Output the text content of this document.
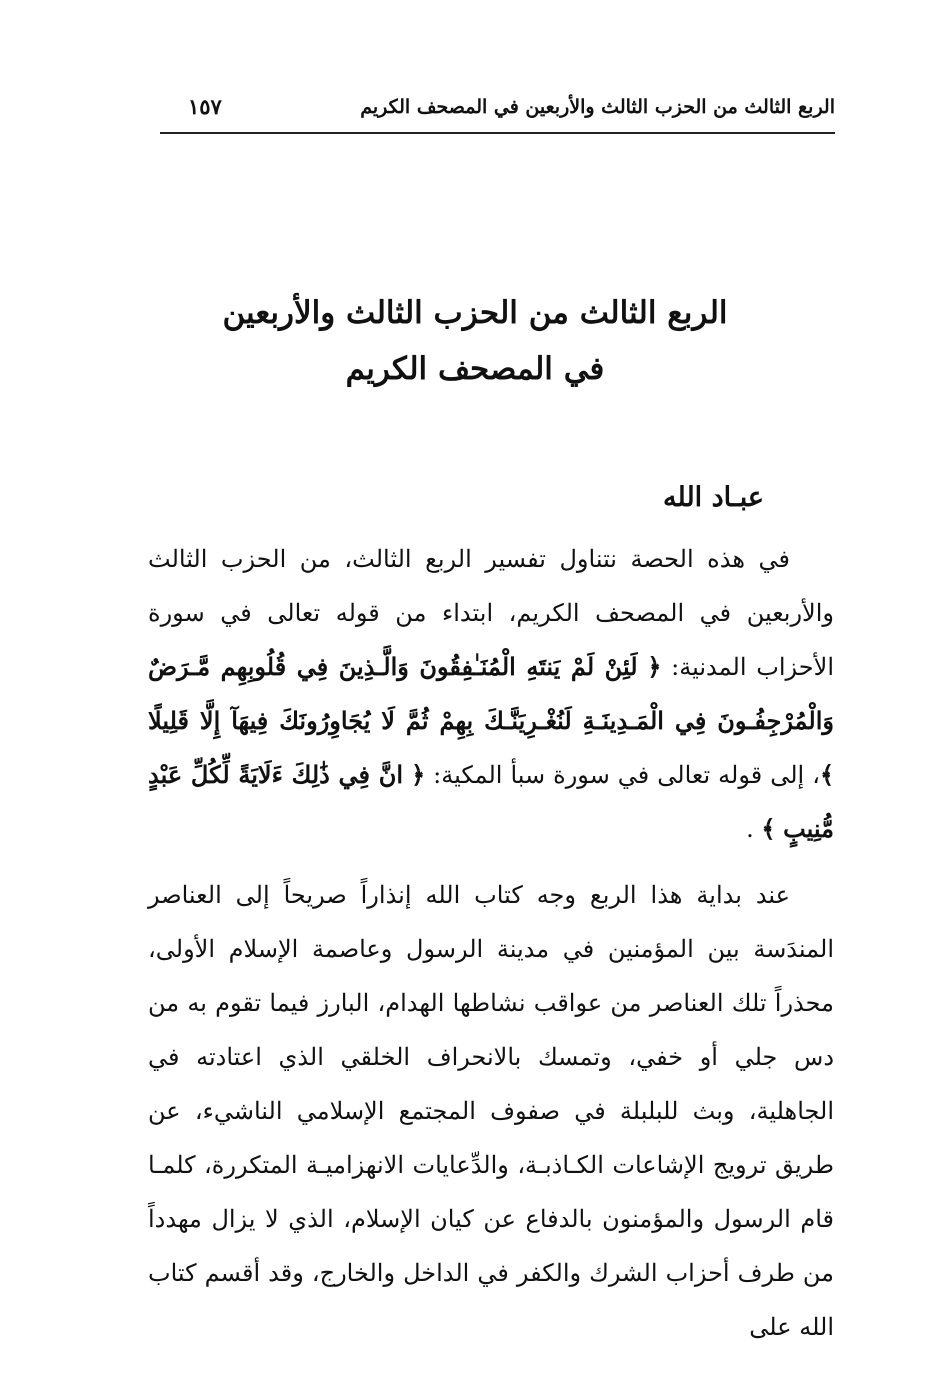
الربع الثالث من الحزب الثالث والأربعين في المصحف الكريم
١٥٧
الربع الثالث من الحزب الثالث والأربعين
في المصحف الكريم
عبـاد الله

في هذه الحصة نتناول تفسير الربع الثالث، من الحزب الثالث والأربعين في المصحف الكريم، ابتداء من قوله تعالى في سورة الأحزاب المدنية: ﴿ لَئِنْ لَمْ يَنتَهِ الْمُنَـٰفِقُونَ وَالَّـذِينَ فِي قُلُوبِهِم مَّـرَضٌ وَالْمُرْجِفُـونَ فِي الْمَـدِينَـةِ لَنُغْـرِيَنَّـكَ بِهِمْ ثُمَّ لَا يُجَاوِرُونَكَ فِيهَآ إِلَّا قَلِيلًا ﴾، إلى قوله تعالى في سورة سبأ المكية: ﴿ انَّ فِي ذَٰلِكَ ءَلَايَةً لِّكُلِّ عَبْدٍ مُّنِيبٍ ﴾ .

عند بداية هذا الربع وجه كتاب الله إنذاراً صريحاً إلى العناصر المندَسة بين المؤمنين في مدينة الرسول وعاصمة الإسلام الأولى، محذراً تلك العناصر من عواقب نشاطها الهدام، البارز فيما تقوم به من دس جلي أو خفي، وتمسك بالانحراف الخلقي الذي اعتادته في الجاهلية، وبث للبلبلة في صفوف المجتمع الإسلامي الناشيء، عن طريق ترويج الإشاعات الكـاذبـة، والدِّعايات الانهزاميـة المتكررة، كلمـا قام الرسول والمؤمنون بالدفاع عن كيان الإسلام، الذي لا يزال مهدداً من طرف أحزاب الشرك والكفر في الداخل والخارج، وقد أقسم كتاب الله على
